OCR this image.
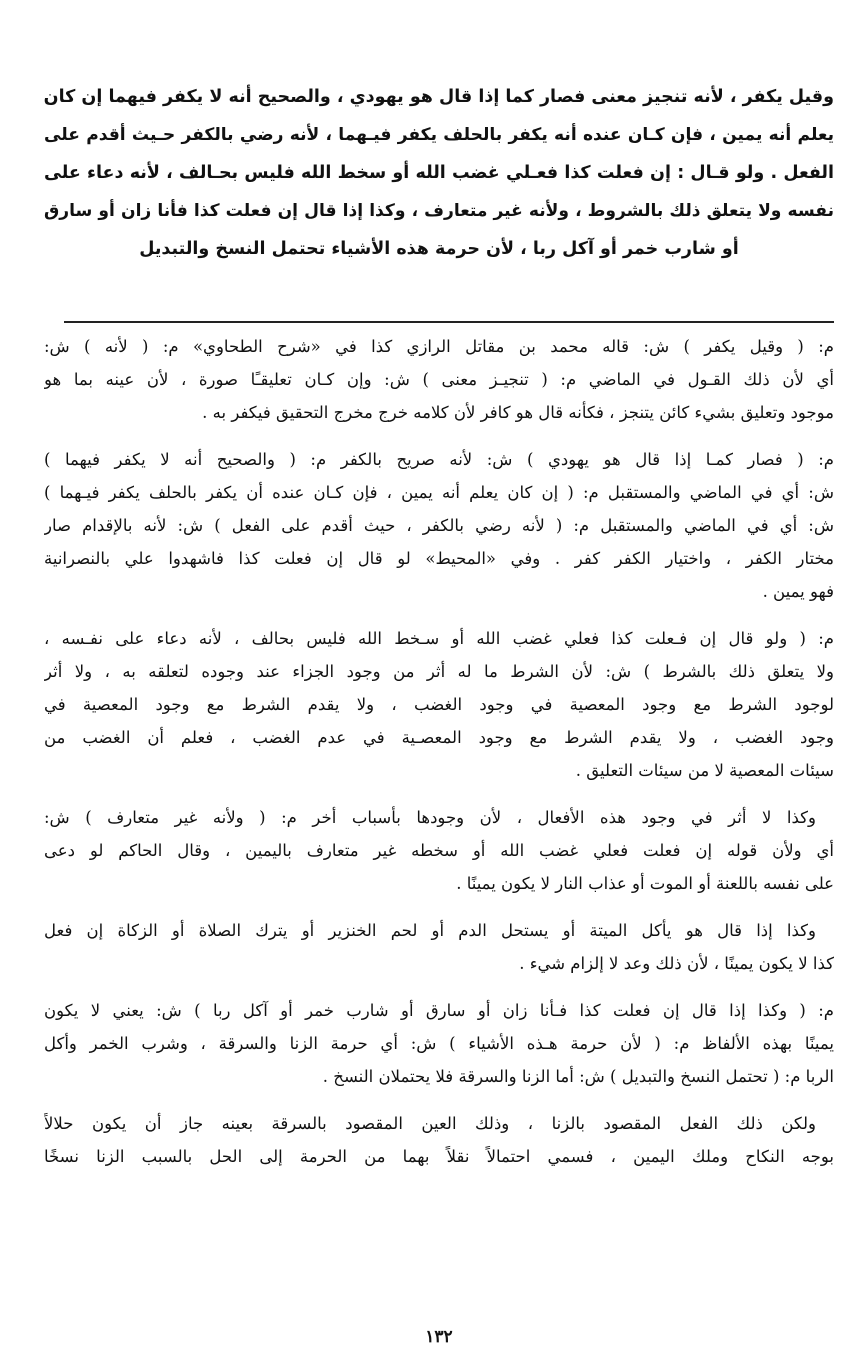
وقيل يكفر ، لأنه تنجيز معنى فصار كما إذا قال هو يهودي ، والصحيح أنه لا يكفر فيهما إن كان
يعلم أنه يمين ، فإن كـان عنده أنه يكفر بالحلف يكفر فيـهما ، لأنه رضي بالكفر حـيث أقدم على
الفعل . ولو قـال : إن فعلت كذا فعـلي غضب الله أو سخط الله فليس بحـالف ، لأنه دعاء على
نفسه ولا يتعلق ذلك بالشروط ، ولأنه غير متعارف ، وكذا إذا قال إن فعلت كذا فأنا زان أو سارق
أو شارب خمر أو آكل ربا ، لأن حرمة هذه الأشياء تحتمل النسخ والتبديل
م: ( وقيل يكفر ) ش: قاله محمد بن مقاتل الرازي كذا في «شرح الطحاوي» م: ( لأنه ) ش:
أي لأن ذلك القـول في الماضي م: ( تنجيـز معنى ) ش: وإن كـان تعليقـًا صورة ، لأن عينه بما هو
موجود وتعليق بشيء كائن يتنجز ، فكأنه قال هو كافر لأن كلامه خرج مخرج التحقيق فيكفر به .
م: ( فصار كمـا إذا قال هو يهودي ) ش: لأنه صريح بالكفر م: ( والصحيح أنه لا يكفر فيهما )
ش: أي في الماضي والمستقبل م: ( إن كان يعلم أنه يمين ، فإن كـان عنده أن يكفر بالحلف يكفر فيـهما )
ش: أي في الماضي والمستقبل م: ( لأنه رضي بالكفر ، حيث أقدم على الفعل ) ش: لأنه بالإقدام صار
مختار الكفر ، واختيار الكفر كفر . وفي «المحيط» لو قال إن فعلت كذا فاشهدوا علي بالنصرانية
فهو يمين .
م: ( ولو قال إن فـعلت كذا فعلي غضب الله أو سـخط الله فليس بحالف ، لأنه دعاء على نفـسه ،
ولا يتعلق ذلك بالشرط ) ش: لأن الشرط ما له أثر من وجود الجزاء عند وجوده لتعلقه به ، ولا أثر
لوجود الشرط مع وجود المعصية في وجود الغضب ، ولا يقدم الشرط مع وجود المعصية في
وجود الغضب ، ولا يقدم الشرط مع وجود المعصـية في عدم الغضب ، فعلم أن الغضب من
سيئات المعصية لا من سيئات التعليق .
وكذا لا أثر في وجود هذه الأفعال ، لأن وجودها بأسباب أخر م: ( ولأنه غير متعارف ) ش:
أي ولأن قوله إن فعلت فعلي غضب الله أو سخطه غير متعارف باليمين ، وقال الحاكم لو دعى
على نفسه باللعنة أو الموت أو عذاب النار لا يكون يمينًا .
وكذا إذا قال هو يأكل الميتة أو يستحل الدم أو لحم الخنزير أو يترك الصلاة أو الزكاة إن فعل
كذا لا يكون يمينًا ، لأن ذلك وعد لا إلزام شيء .
م: ( وكذا إذا قال إن فعلت كذا فـأنا زان أو سارق أو شارب خمر أو آكل ربا ) ش: يعني لا يكون
يمينًا بهذه الألفاظ م: ( لأن حرمة هـذه الأشياء ) ش: أي حرمة الزنا والسرقة ، وشرب الخمر وأكل
الربا م: ( تحتمل النسخ والتبديل ) ش: أما الزنا والسرقة فلا يحتملان النسخ .
ولكن ذلك الفعل المقصود بالزنا ، وذلك العين المقصود بالسرقة بعينه جاز أن يكون حلالاً
بوجه النكاح وملك اليمين ، فسمي احتمالاً نقلاً بهما من الحرمة إلى الحل بالسبب الزنا نسخًا
١٣٢
